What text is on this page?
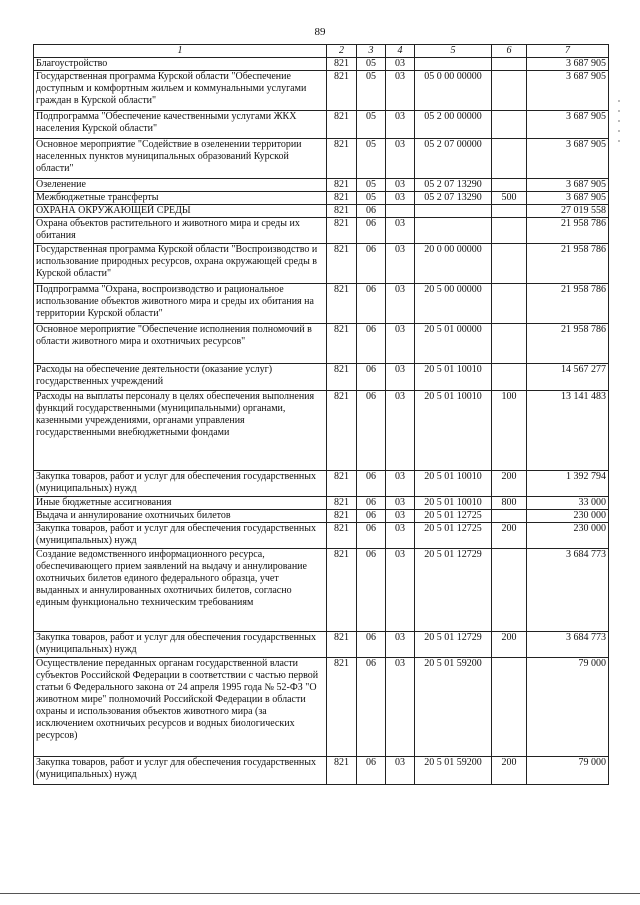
89
1	2	3	4	5	6	7
Благоустройство	821	05	03			3 687 905
Государственная программа Курской области "Обеспечение доступным и комфортным жильем и коммунальными услугами граждан в Курской области"	821	05	03	05 0 00 00000		3 687 905
Подпрограмма "Обеспечение качественными услугами ЖКХ населения Курской области"	821	05	03	05 2 00 00000		3 687 905
Основное мероприятие "Содействие в озеленении территории населенных пунктов муниципальных образований Курской области"	821	05	03	05 2 07 00000		3 687 905
Озеленение	821	05	03	05 2 07 13290		3 687 905
Межбюджетные трансферты	821	05	03	05 2 07 13290	500	3 687 905
ОХРАНА ОКРУЖАЮЩЕЙ СРЕДЫ	821	06				27 019 558
Охрана объектов растительного и животного мира и среды их обитания	821	06	03			21 958 786
Государственная программа Курской области "Воспроизводство и использование природных ресурсов, охрана окружающей среды в Курской области"	821	06	03	20 0 00 00000		21 958 786
Подпрограмма "Охрана, воспроизводство и рациональное использование объектов животного мира и среды их обитания на территории Курской области"	821	06	03	20 5 00 00000		21 958 786
Основное мероприятие "Обеспечение исполнения полномочий в области животного мира и охотничьих ресурсов"	821	06	03	20 5 01 00000		21 958 786
Расходы на обеспечение деятельности (оказание услуг) государственных учреждений	821	06	03	20 5 01 10010		14 567 277
Расходы на выплаты персоналу в целях обеспечения выполнения функций государственными (муниципальными) органами, казенными учреждениями, органами управления государственными внебюджетными фондами	821	06	03	20 5 01 10010	100	13 141 483
Закупка товаров, работ и услуг для обеспечения государственных (муниципальных) нужд	821	06	03	20 5 01 10010	200	1 392 794
Иные бюджетные ассигнования	821	06	03	20 5 01 10010	800	33 000
Выдача и аннулирование охотничьих билетов	821	06	03	20 5 01 12725		230 000
Закупка товаров, работ и услуг для обеспечения государственных (муниципальных) нужд	821	06	03	20 5 01 12725	200	230 000
Создание ведомственного информационного ресурса, обеспечивающего прием заявлений на выдачу и аннулирование охотничьих билетов единого федерального образца, учет выданных и аннулированных охотничьих билетов, согласно единым функционально техническим требованиям	821	06	03	20 5 01 12729		3 684 773
Закупка товаров, работ и услуг для обеспечения государственных (муниципальных) нужд	821	06	03	20 5 01 12729	200	3 684 773
Осуществление переданных органам государственной власти субъектов Российской Федерации в соответствии с частью первой статьи 6 Федерального закона от 24 апреля 1995 года № 52-ФЗ "О животном мире" полномочий Российской Федерации в области охраны и использования объектов животного мира (за исключением охотничьих ресурсов и водных биологических ресурсов)	821	06	03	20 5 01 59200		79 000
Закупка товаров, работ и услуг для обеспечения государственных (муниципальных) нужд	821	06	03	20 5 01 59200	200	79 000
